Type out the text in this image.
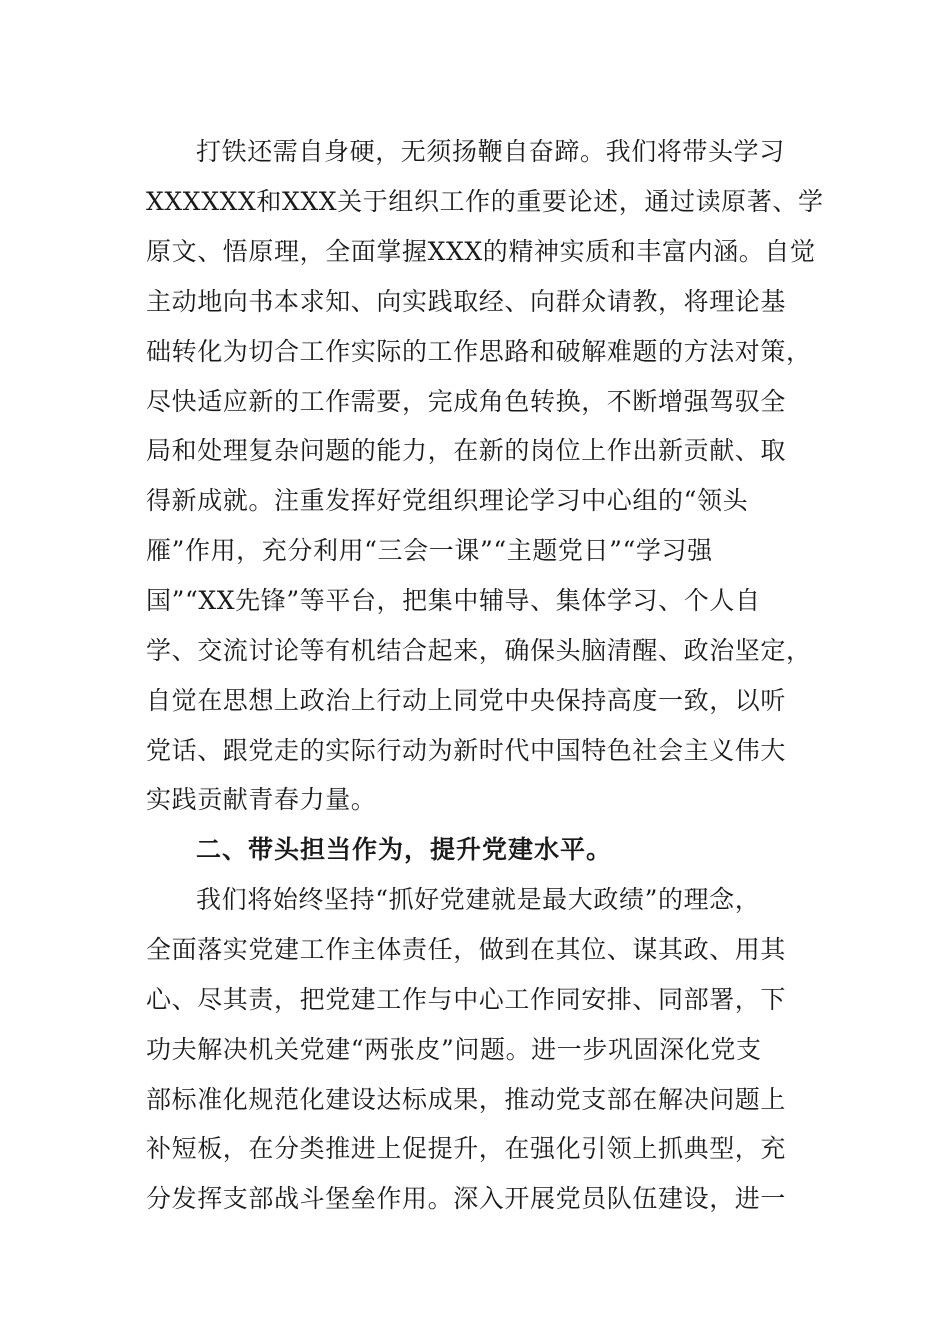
打铁还需自身硬，无须扬鞭自奋蹄。我们将带头学习
XXXXXX和XXX关于组织工作的重要论述，通过读原著、学
原文、悟原理，全面掌握XXX的精神实质和丰富内涵。自觉
主动地向书本求知、向实践取经、向群众请教，将理论基
础转化为切合工作实际的工作思路和破解难题的方法对策，
尽快适应新的工作需要，完成角色转换，不断增强驾驭全
局和处理复杂问题的能力，在新的岗位上作出新贡献、取
得新成就。注重发挥好党组织理论学习中心组的“领头
雁”作用，充分利用“三会一课”“主题党日”“学习强
国”“XX先锋”等平台，把集中辅导、集体学习、个人自
学、交流讨论等有机结合起来，确保头脑清醒、政治坚定，
自觉在思想上政治上行动上同党中央保持高度一致，以听
党话、跟党走的实际行动为新时代中国特色社会主义伟大
实践贡献青春力量。
二、带头担当作为，提升党建水平。
我们将始终坚持“抓好党建就是最大政绩”的理念，
全面落实党建工作主体责任，做到在其位、谋其政、用其
心、尽其责，把党建工作与中心工作同安排、同部署，下
功夫解决机关党建“两张皮”问题。进一步巩固深化党支
部标准化规范化建设达标成果，推动党支部在解决问题上
补短板，在分类推进上促提升，在强化引领上抓典型，充
分发挥支部战斗堡垒作用。深入开展党员队伍建设，进一
